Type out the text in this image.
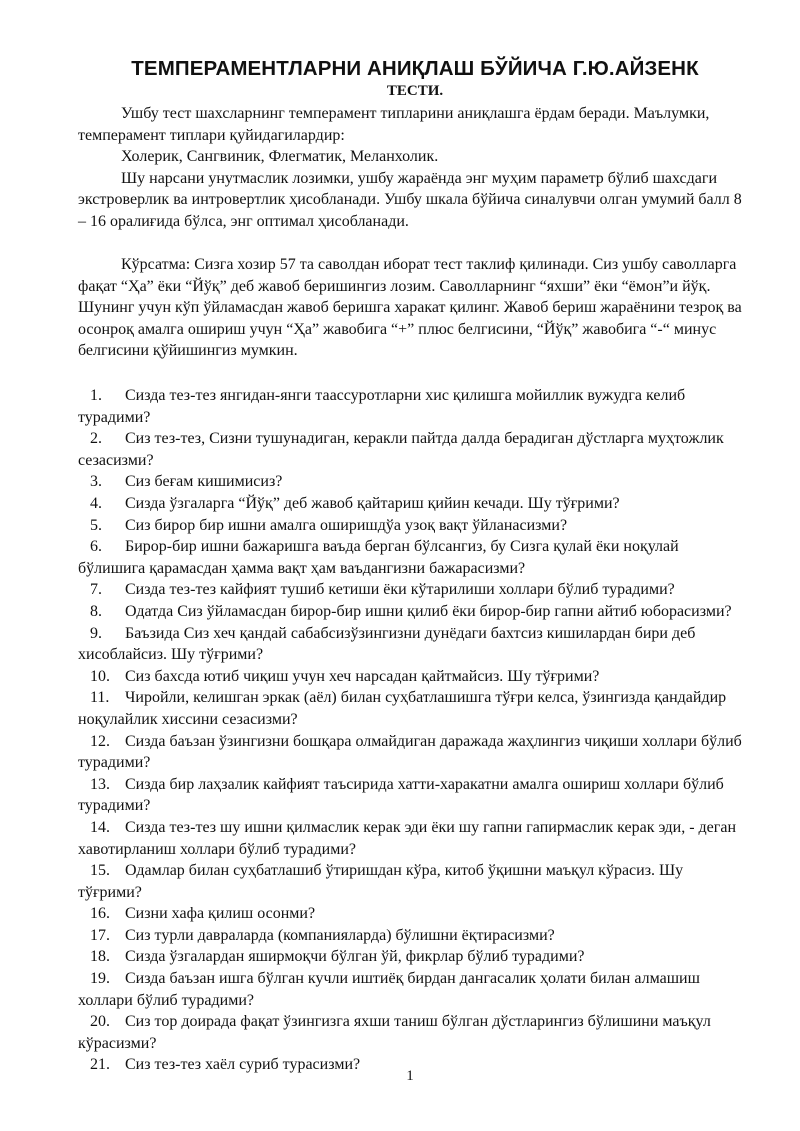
ТЕМПЕРАМЕНТЛАРНИ АНИҚЛАШ БЎЙИЧА Г.Ю.АЙЗЕНК
ТЕСТИ.

Ушбу тест шахсларнинг темперамент типларини аниқлашга ёрдам беради. Маълумки, темперамент типлари қуйидагилардир:

Холерик, Сангвиник, Флегматик, Меланхолик.

Шу нарсани унутмаслик лозимки, ушбу жараёнда энг муҳим параметр бўлиб шахсдаги экстроверлик ва интровертлик ҳисобланади. Ушбу шкала бўйича синалувчи олган умумий балл 8 – 16 оралиғида бўлса, энг оптимал ҳисобланади.

Кўрсатма: Сизга хозир 57 та саволдан иборат тест таклиф қилинади. Сиз ушбу саволларга фақат “Ҳа” ёки “Йўқ” деб жавоб беришингиз лозим. Саволларнинг “яхши” ёки “ёмон”и йўқ. Шунинг учун кўп ўйламасдан жавоб беришга харакат қилинг. Жавоб бериш жараёнини тезроқ ва осонроқ амалга ошириш учун “Ҳа” жавобига “+” плюс белгисини, “Йўқ” жавобига “-“ минус белгисини қўйишингиз мумкин.

1. Сизда тез-тез янгидан-янги таассуротларни хис қилишга мойиллик вужудга келиб турадими?

2. Сиз тез-тез, Сизни тушунадиган, керакли пайтда далда берадиган дўстларга муҳтожлик сезасизми?

3. Сиз беғам кишимисиз?

4. Сизда ўзгаларга “Йўқ” деб жавоб қайтариш қийин кечади. Шу тўғрими?

5. Сиз бирор бир ишни амалга оширишдўа узоқ вақт ўйланасизми?

6. Бирор-бир ишни бажаришга ваъда берган бўлсангиз, бу Сизга қулай ёки ноқулай бўлишига қарамасдан ҳамма вақт ҳам ваъдангизни бажарасизми?

7. Сизда тез-тез кайфият тушиб кетиши ёки кўтарилиши холлари бўлиб турадими?

8. Одатда Сиз ўйламасдан бирор-бир ишни қилиб ёки бирор-бир гапни айтиб юборасизми?

9. Баъзида Сиз хеч қандай сабабсизўзингизни дунёдаги бахтсиз кишилардан бири деб хисоблайсиз. Шу тўғрими?

10. Сиз бахсда ютиб чиқиш учун хеч нарсадан қайтмайсиз. Шу тўғрими?

11. Чиройли, келишган эркак (аёл) билан суҳбатлашишга тўғри келса, ўзингизда қандайдир ноқулайлик хиссини сезасизми?

12. Сизда баъзан ўзингизни бошқара олмайдиган даражада жаҳлингиз чиқиши холлари бўлиб турадими?

13. Сизда бир лаҳзалик кайфият таъсирида хатти-харакатни амалга ошириш холлари бўлиб турадими?

14. Сизда тез-тез шу ишни қилмаслик керак эди ёки шу гапни гапирмаслик керак эди, - деган хавотирланиш холлари бўлиб турадими?

15. Одамлар билан суҳбатлашиб ўтиришдан кўра, китоб ўқишни маъқул кўрасиз. Шу тўғрими?

16. Сизни хафа қилиш осонми?

17. Сиз турли давраларда (компанияларда) бўлишни ёқтирасизми?

18. Сизда ўзгалардан яширмоқчи бўлган ўй, фикрлар бўлиб турадими?

19. Сизда баъзан ишга бўлган кучли иштиёқ бирдан дангасалик ҳолати билан алмашиш холлари бўлиб турадими?

20. Сиз тор доирада фақат ўзингизга яхши таниш бўлган дўстларингиз бўлишини маъқул кўрасизми?

21. Сиз тез-тез хаёл суриб турасизми?

1
